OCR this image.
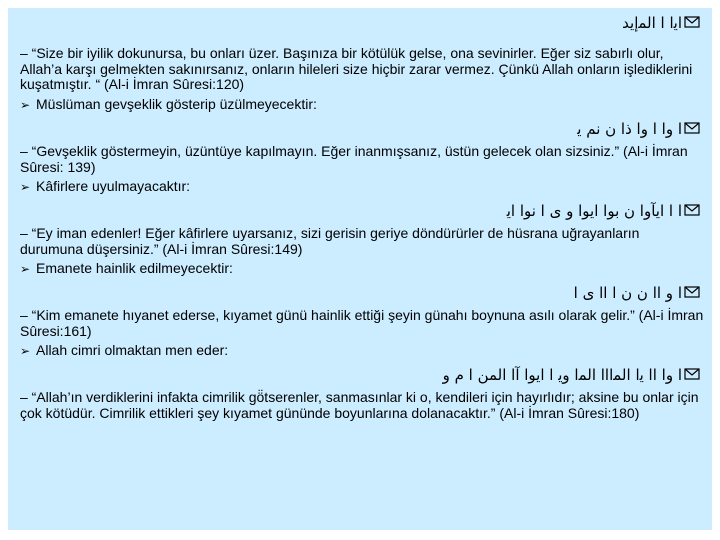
ﺍﻳﺍ ﺍ ﺍﻟﻤﺇﻳﺪ
– “Size bir iyilik dokunursa, bu onları üzer. Başınıza bir kötülük gelse, ona sevinirler. Eğer siz sabırlı olur, Allah’a karşı gelmekten sakınırsanız, onların hileleri size hiçbir zarar vermez. Çünkü Allah onların işlediklerini kuşatmıştır. “ (Al-i İmran Sûresi:120)
➢ Müslüman gevşeklik gösterip üzülmeyecektir:
ﺍ ﻭﺍ ﺍ ﻭﺍ ﺫﺍ ﻥ ﻧﻢ ﻳ
– “Gevşeklik göstermeyin, üzüntüye kapılmayın. Eğer inanmışsanız, üstün gelecek olan sizsiniz.” (Al-i İmran Sûresi: 139)
➢ Kâfirlere uyulmayacaktır:
ﺍ ﺍ ﺍﻳﺂﻭﺍ ﻥ ﺑﻮﺍ ﺍﻳﻮﺍ ﻭ ﻯ ﺍ ﻧﻮﺍ ﺍﻳ
– “Ey iman edenler! Eğer kâfirlere uyarsanız, sizi gerisin geriye döndürürler de hüsrana uğrayanların durumuna düşersiniz.” (Al-i İmran Sûresi:149)
➢ Emanete hainlik edilmeyecektir:
ﺍ ﻭ ﺍﺍ ﻥ ﻥ ﺍ ﺍﺍ ﻯ ﺍ
– “Kim emanete hıyanet ederse, kıyamet günü hainlik ettiği şeyin günahı boynuna asılı olarak gelir.” (Al-i İmran Sûresi:161)
➢ Allah cimri olmaktan men eder:
ﺍ ﻭﺍ ﺍﺍ ﻳﺍ ﺍﻟﻤﺍﺍﺍ ﺍﻟﻤﺍ ﻭﻳ ﺍ ﺍﻳﻮﺍ ﺁﺍ ﺍﻟﻤﻦ ﺍ ﻡ ﻭ
– “Allah’ın verdiklerini infakta cimrilik gö̈tserenler, sanmasınlar ki o, kendileri için hayırlıdır; aksine bu onlar için çok kötüdür. Cimrilik ettikleri şey kıyamet gününde boyunlarına dolanacaktır.” (Al-i İmran Sûresi:180)
